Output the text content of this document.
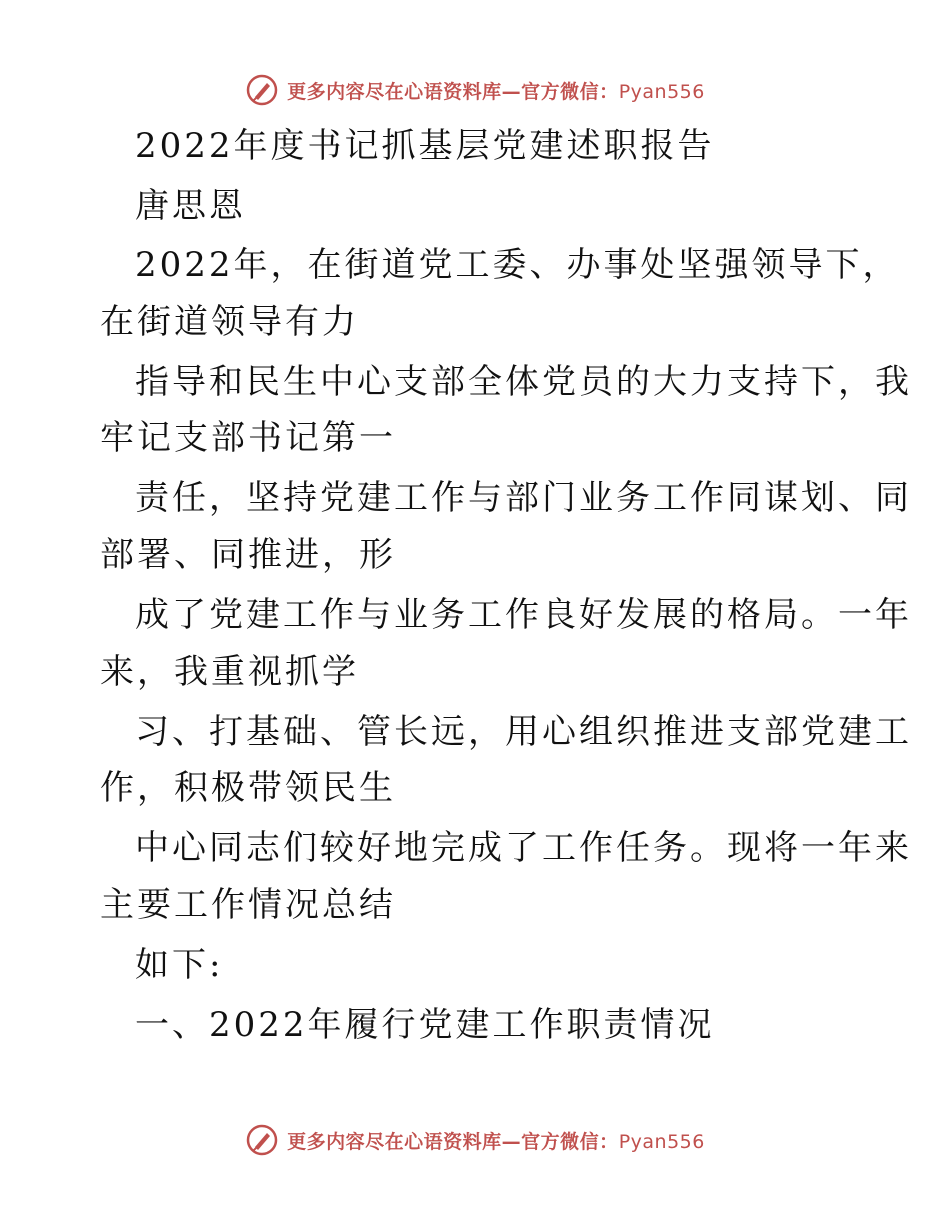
更多内容尽在心语资料库—官方微信：Pyan556
2022年度书记抓基层党建述职报告
唐思恩
2022年，在街道党工委、办事处坚强领导下，
在街道领导有力
指导和民生中心支部全体党员的大力支持下，我
牢记支部书记第一
责任，坚持党建工作与部门业务工作同谋划、同
部署、同推进，形
成了党建工作与业务工作良好发展的格局。一年
来，我重视抓学
习、打基础、管长远，用心组织推进支部党建工
作，积极带领民生
中心同志们较好地完成了工作任务。现将一年来
主要工作情况总结
如下:
一、2022年履行党建工作职责情况
更多内容尽在心语资料库—官方微信：Pyan556
